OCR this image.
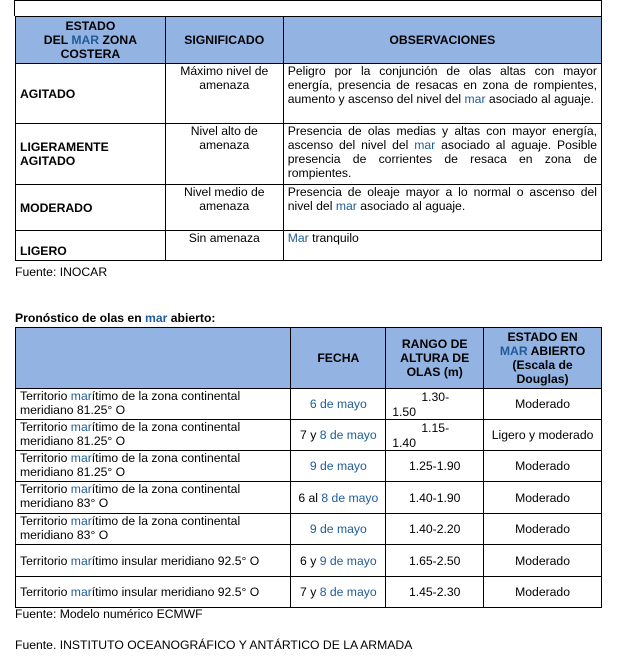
ESTADO
DEL MAR ZONA
COSTERA	SIGNIFICADO	OBSERVACIONES
AGITADO	Máximo nivel de amenaza	Peligro por la conjunción de olas altas con mayor energía, presencia de resacas en zona de rompientes, aumento y ascenso del nivel del mar asociado al aguaje.
LIGERAMENTE AGITADO	Nivel alto de amenaza	Presencia de olas medias y altas con mayor energía, ascenso del nivel del mar asociado al aguaje. Posible presencia de corrientes de resaca en zona de rompientes.
MODERADO	Nivel medio de amenaza	Presencia de oleaje mayor a lo normal o ascenso del nivel del mar asociado al aguaje.
LIGERO	Sin amenaza	Mar tranquilo
Fuente: INOCAR
Pronóstico de olas en mar abierto:
	FECHA	RANGO DE ALTURA DE OLAS (m)	ESTADO EN
MAR ABIERTO (Escala de Douglas)
Territorio marítimo de la zona continental meridiano 81.25° O	6 de mayo	1.30-
1.50	Moderado
Territorio marítimo de la zona continental meridiano 81.25° O	7 y 8 de mayo	1.15-
1.40	Ligero y moderado
Territorio marítimo de la zona continental meridiano 81.25° O	9 de mayo	1.25-1.90	Moderado
Territorio marítimo de la zona continental meridiano 83° O	6 al 8 de mayo	1.40-1.90	Moderado
Territorio marítimo de la zona continental meridiano 83° O	9 de mayo	1.40-2.20	Moderado
Territorio marítimo insular meridiano 92.5° O	6 y 9 de mayo	1.65-2.50	Moderado
Territorio marítimo insular meridiano 92.5° O	7 y 8 de mayo	1.45-2.30	Moderado
Fuente: Modelo numérico ECMWF
Fuente. INSTITUTO OCEANOGRÁFICO Y ANTÁRTICO DE LA ARMADA
